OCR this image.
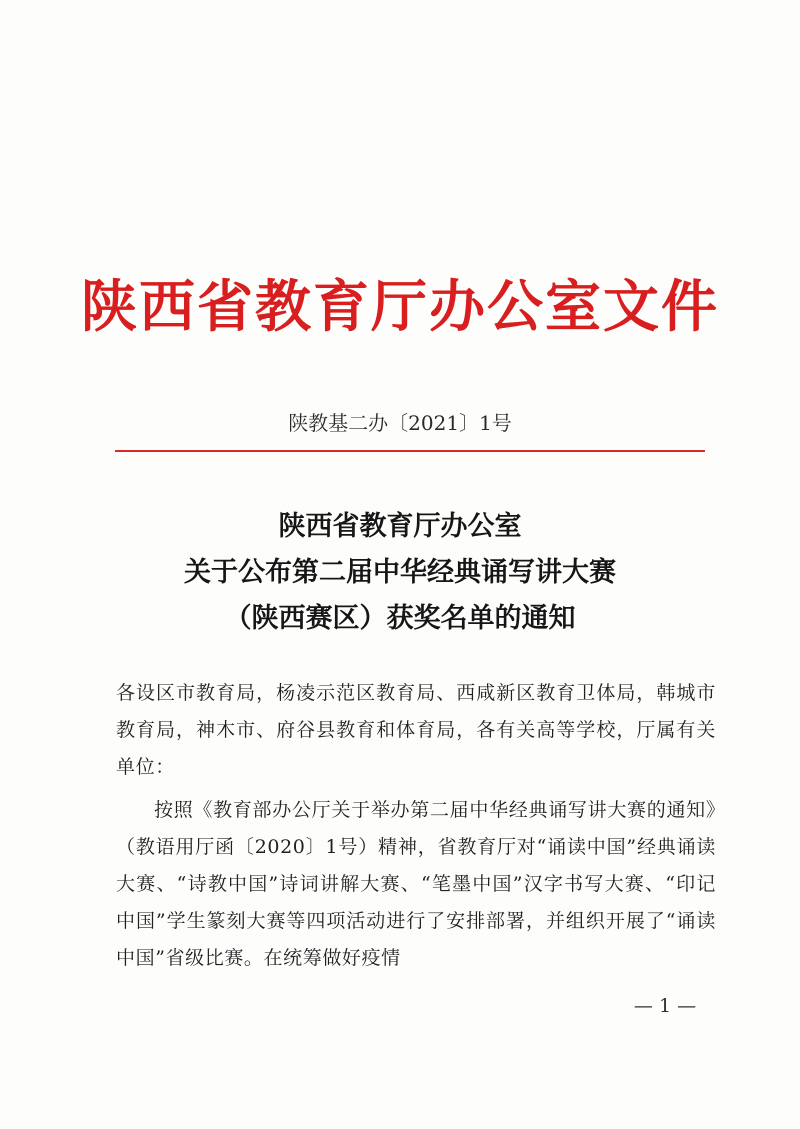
陕西省教育厅办公室文件
陕教基二办〔2021〕1号
陕西省教育厅办公室
关于公布第二届中华经典诵写讲大赛
（陕西赛区）获奖名单的通知

各设区市教育局，杨凌示范区教育局、西咸新区教育卫体局，韩城市教育局，神木市、府谷县教育和体育局，各有关高等学校，厅属有关单位：

按照《教育部办公厅关于举办第二届中华经典诵写讲大赛的通知》（教语用厅函〔2020〕1号）精神，省教育厅对“诵读中国”经典诵读大赛、“诗教中国”诗词讲解大赛、“笔墨中国”汉字书写大赛、“印记中国”学生篆刻大赛等四项活动进行了安排部署，并组织开展了“诵读中国”省级比赛。在统筹做好疫情

— 1 —
